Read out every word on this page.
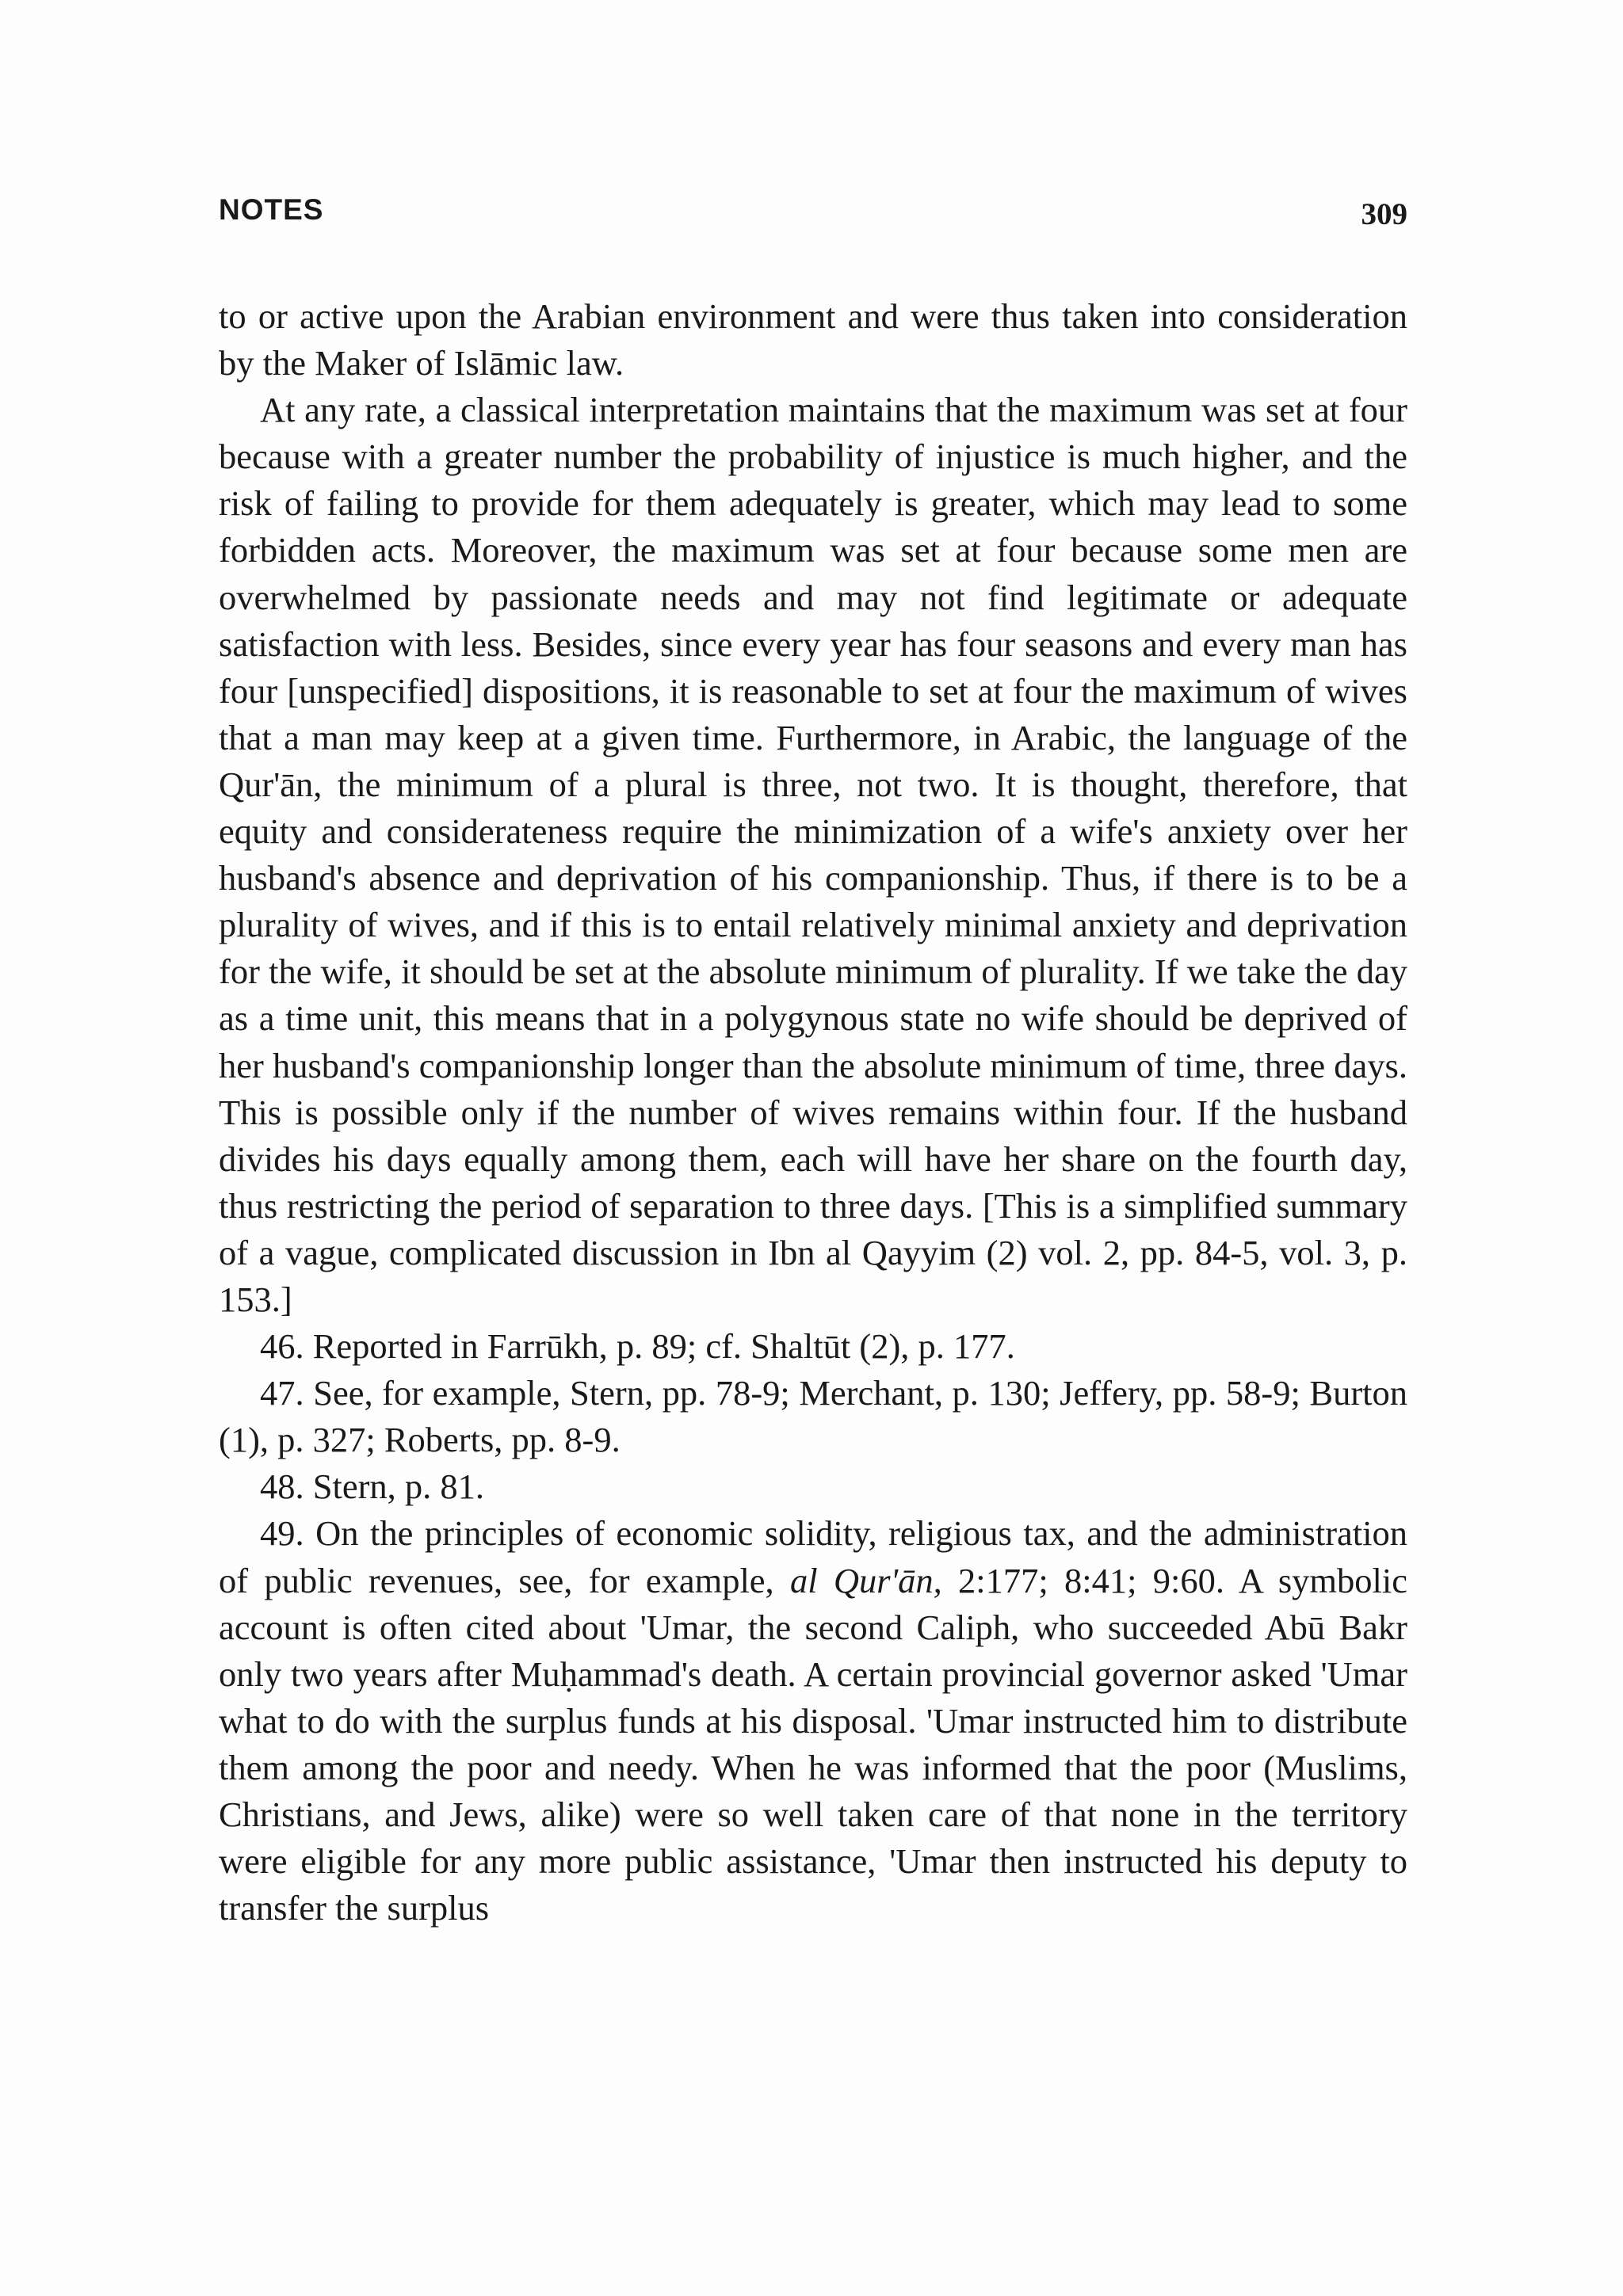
NOTES	309

to or active upon the Arabian environment and were thus taken into consideration by the Maker of Islāmic law.

At any rate, a classical interpretation maintains that the maximum was set at four because with a greater number the probability of injustice is much higher, and the risk of failing to provide for them adequately is greater, which may lead to some forbidden acts. Moreover, the maximum was set at four because some men are overwhelmed by passionate needs and may not find legitimate or adequate satisfaction with less. Besides, since every year has four seasons and every man has four [unspecified] dispositions, it is reasonable to set at four the maximum of wives that a man may keep at a given time. Furthermore, in Arabic, the language of the Qur'ān, the minimum of a plural is three, not two. It is thought, therefore, that equity and considerateness require the minimization of a wife's anxiety over her husband's absence and deprivation of his companionship. Thus, if there is to be a plurality of wives, and if this is to entail relatively minimal anxiety and deprivation for the wife, it should be set at the absolute minimum of plurality. If we take the day as a time unit, this means that in a polygynous state no wife should be deprived of her husband's companionship longer than the absolute minimum of time, three days. This is possible only if the number of wives remains within four. If the husband divides his days equally among them, each will have her share on the fourth day, thus restricting the period of separation to three days. [This is a simplified summary of a vague, complicated discussion in Ibn al Qayyim (2) vol. 2, pp. 84-5, vol. 3, p. 153.]

46. Reported in Farrūkh, p. 89; cf. Shaltūt (2), p. 177.

47. See, for example, Stern, pp. 78-9; Merchant, p. 130; Jeffery, pp. 58-9; Burton (1), p. 327; Roberts, pp. 8-9.

48. Stern, p. 81.

49. On the principles of economic solidity, religious tax, and the administration of public revenues, see, for example, al Qur'ān, 2:177; 8:41; 9:60. A symbolic account is often cited about 'Umar, the second Caliph, who succeeded Abū Bakr only two years after Muḥammad's death. A certain provincial governor asked 'Umar what to do with the surplus funds at his disposal. 'Umar instructed him to distribute them among the poor and needy. When he was informed that the poor (Muslims, Christians, and Jews, alike) were so well taken care of that none in the territory were eligible for any more public assistance, 'Umar then instructed his deputy to transfer the surplus
